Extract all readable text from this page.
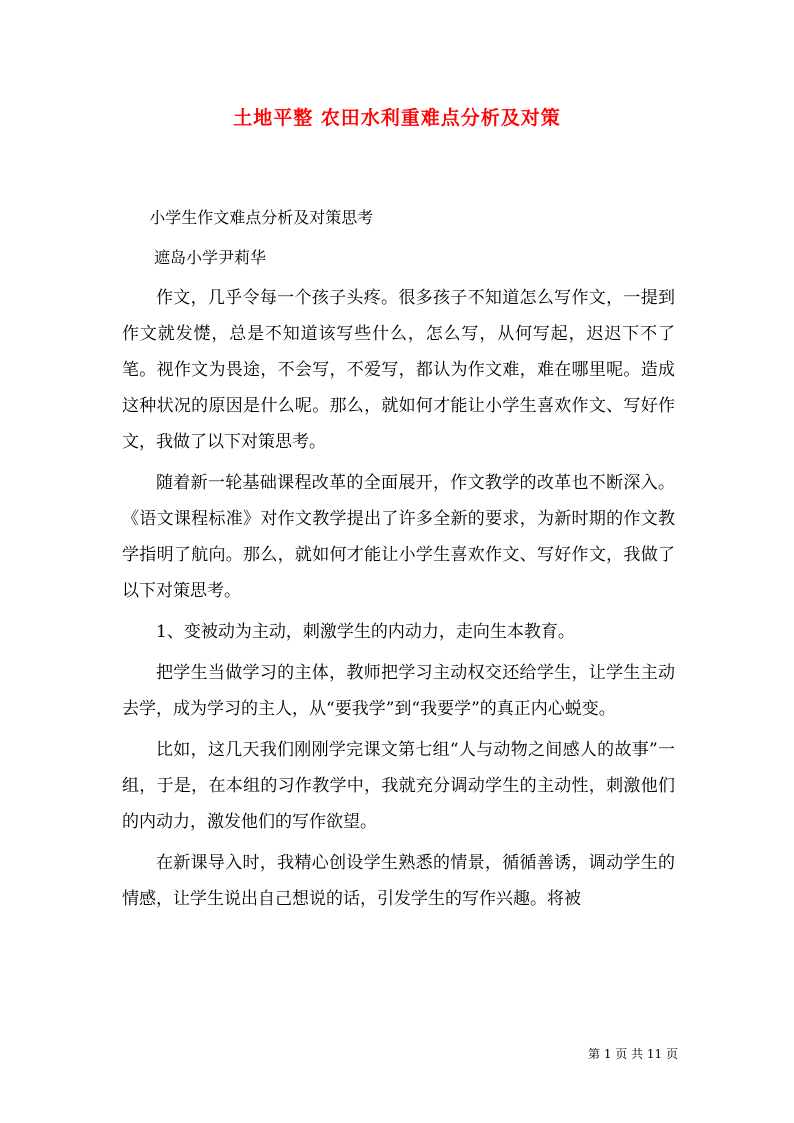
土地平整 农田水利重难点分析及对策

小学生作文难点分析及对策思考

遮岛小学尹莉华

作文，几乎令每一个孩子头疼。很多孩子不知道怎么写作文，一提到作文就发憷，总是不知道该写些什么，怎么写，从何写起，迟迟下不了笔。视作文为畏途，不会写，不爱写，都认为作文难，难在哪里呢。造成这种状况的原因是什么呢。那么，就如何才能让小学生喜欢作文、写好作文，我做了以下对策思考。

随着新一轮基础课程改革的全面展开，作文教学的改革也不断深入。《语文课程标准》对作文教学提出了许多全新的要求，为新时期的作文教学指明了航向。那么，就如何才能让小学生喜欢作文、写好作文，我做了以下对策思考。

1、变被动为主动，刺激学生的内动力，走向生本教育。

把学生当做学习的主体，教师把学习主动权交还给学生，让学生主动去学，成为学习的主人，从“要我学”到“我要学”的真正内心蜕变。

比如，这几天我们刚刚学完课文第七组“人与动物之间感人的故事”一组，于是，在本组的习作教学中，我就充分调动学生的主动性，刺激他们的内动力，激发他们的写作欲望。

在新课导入时，我精心创设学生熟悉的情景，循循善诱，调动学生的情感，让学生说出自己想说的话，引发学生的写作兴趣。将被

第 1 页 共 11 页
